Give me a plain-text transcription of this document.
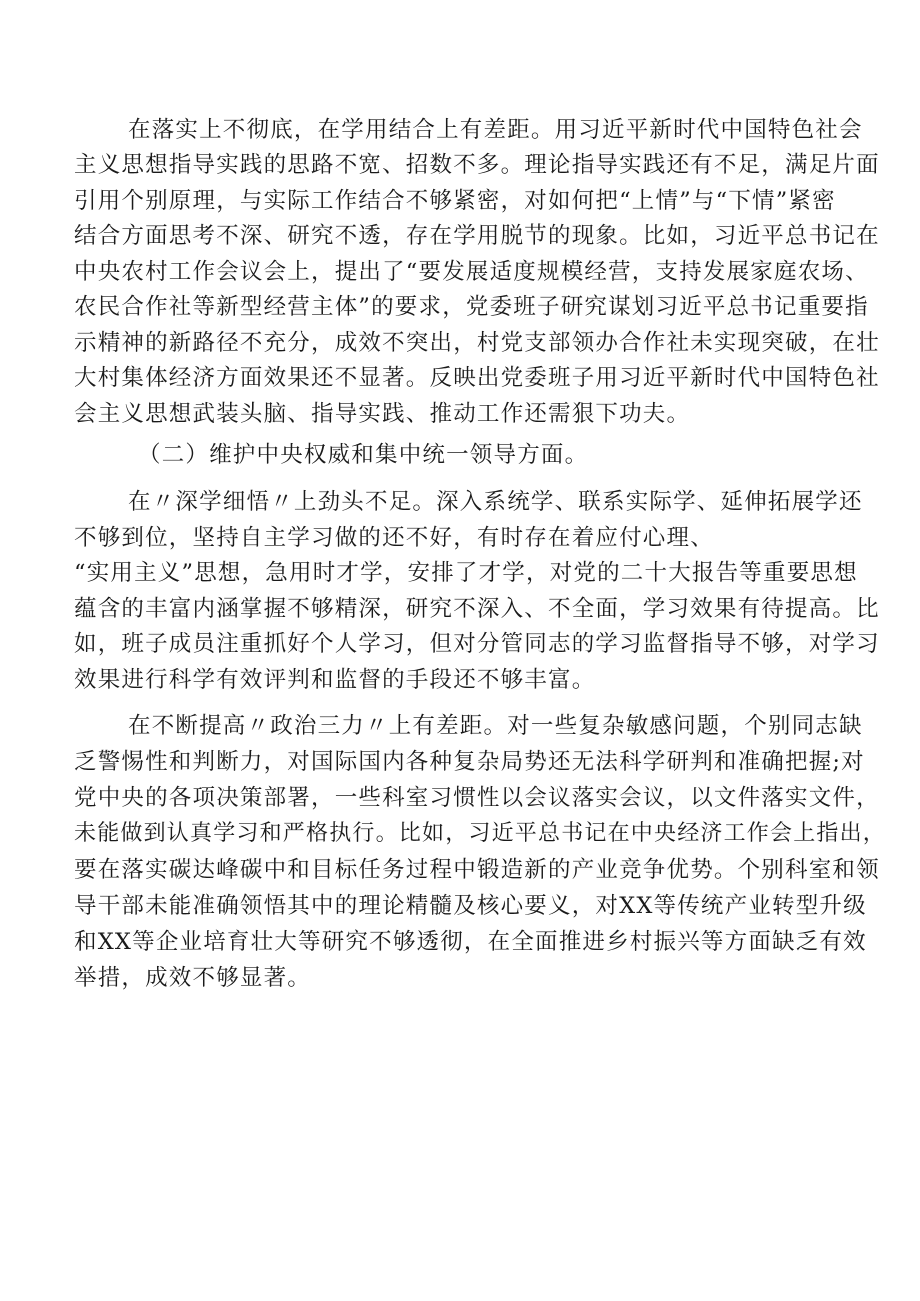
在落实上不彻底，在学用结合上有差距。用习近平新时代中国特色社会
主义思想指导实践的思路不宽、招数不多。理论指导实践还有不足，满足片面
引用个别原理，与实际工作结合不够紧密，对如何把“上情”与“下情”紧密
结合方面思考不深、研究不透，存在学用脱节的现象。比如，习近平总书记在
中央农村工作会议会上，提出了“要发展适度规模经营，支持发展家庭农场、
农民合作社等新型经营主体”的要求，党委班子研究谋划习近平总书记重要指
示精神的新路径不充分，成效不突出，村党支部领办合作社未实现突破，在壮
大村集体经济方面效果还不显著。反映出党委班子用习近平新时代中国特色社
会主义思想武装头脑、指导实践、推动工作还需狠下功夫。
（二）维护中央权威和集中统一领导方面。
在〃深学细悟〃上劲头不足。深入系统学、联系实际学、延伸拓展学还
不够到位，坚持自主学习做的还不好，有时存在着应付心理、
“实用主义”思想，急用时才学，安排了才学，对党的二十大报告等重要思想
蕴含的丰富内涵掌握不够精深，研究不深入、不全面，学习效果有待提高。比
如，班子成员注重抓好个人学习，但对分管同志的学习监督指导不够，对学习
效果进行科学有效评判和监督的手段还不够丰富。
在不断提高〃政治三力〃上有差距。对一些复杂敏感问题，个别同志缺
乏警惕性和判断力，对国际国内各种复杂局势还无法科学研判和准确把握;对
党中央的各项决策部署，一些科室习惯性以会议落实会议，以文件落实文件，
未能做到认真学习和严格执行。比如，习近平总书记在中央经济工作会上指出，
要在落实碳达峰碳中和目标任务过程中锻造新的产业竞争优势。个别科室和领
导干部未能准确领悟其中的理论精髓及核心要义，对XX等传统产业转型升级
和XX等企业培育壮大等研究不够透彻，在全面推进乡村振兴等方面缺乏有效
举措，成效不够显著。
